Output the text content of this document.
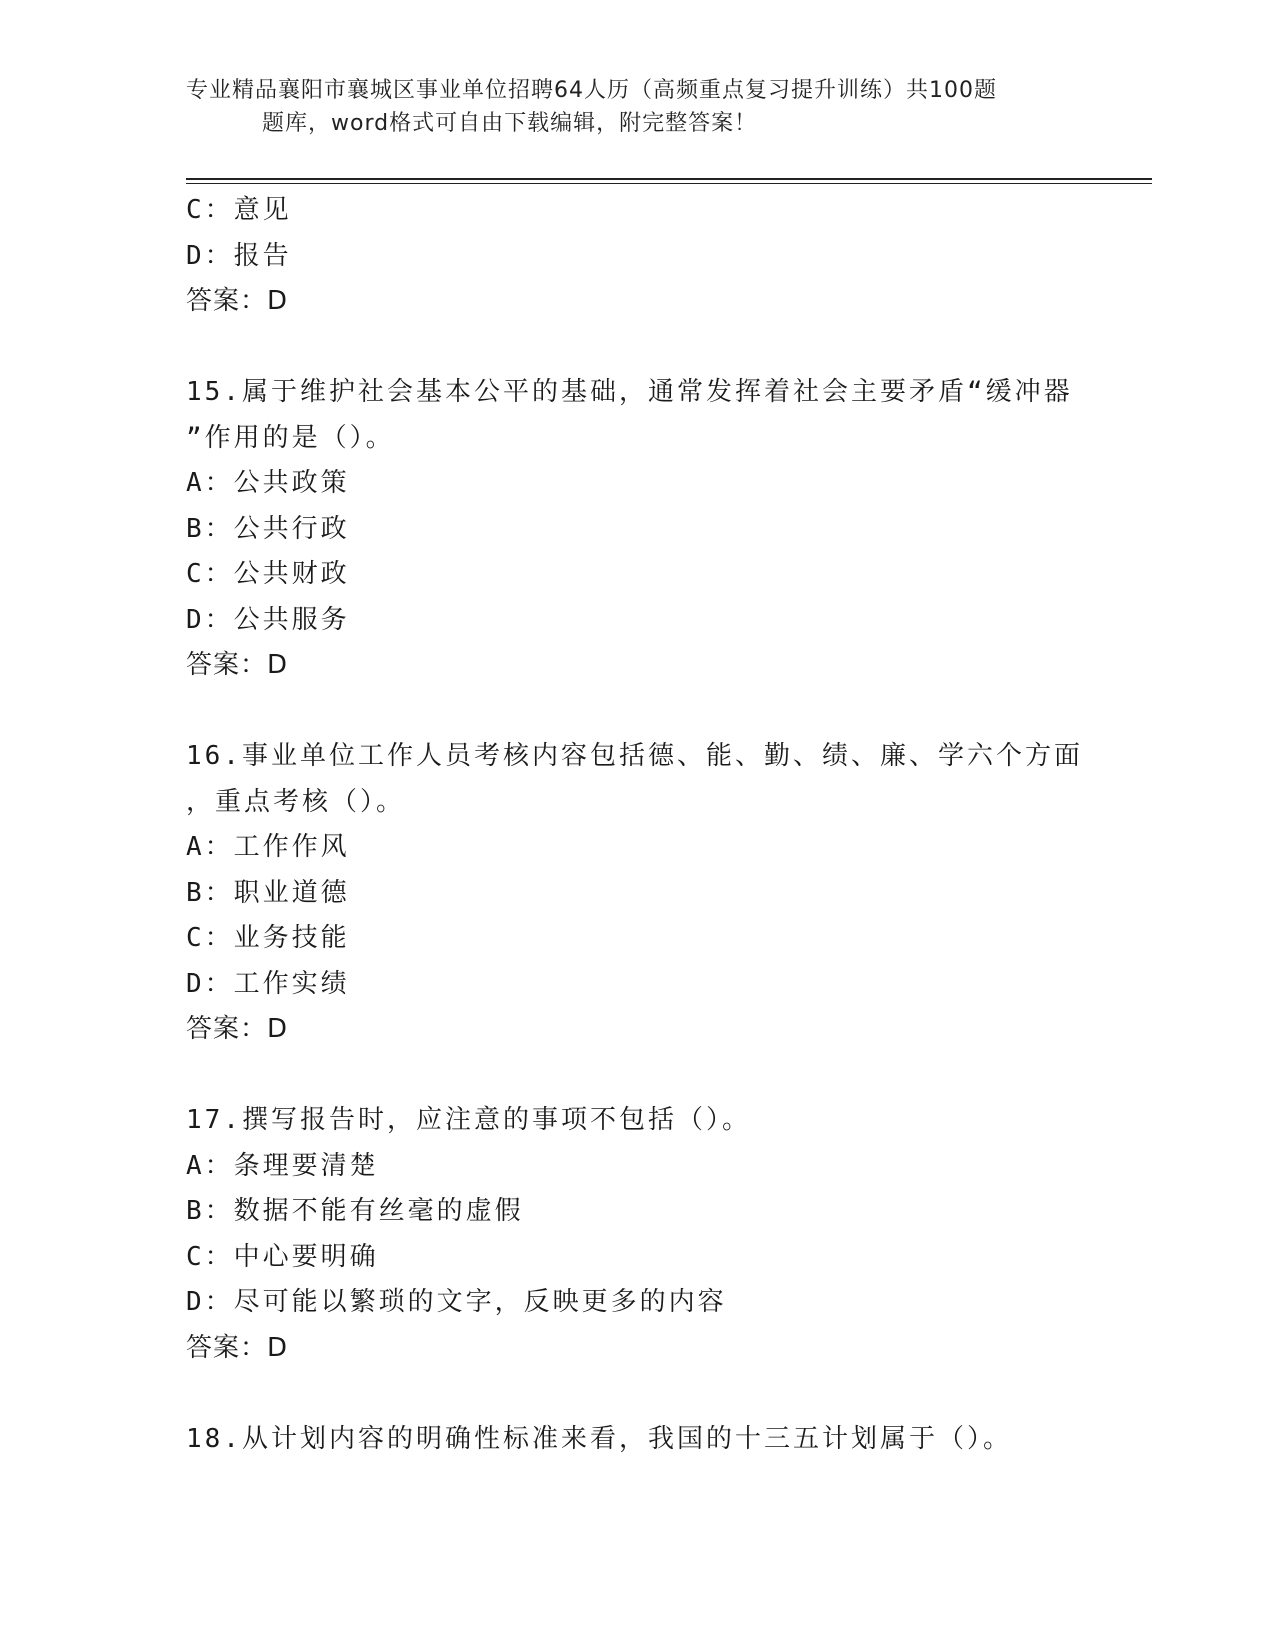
专业精品襄阳市襄城区事业单位招聘64人历（高频重点复习提升训练）共100题
题库，word格式可自由下载编辑，附完整答案！
C：意见
D：报告
答案：D
15.属于维护社会基本公平的基础，通常发挥着社会主要矛盾“缓冲器
”作用的是（）。
A：公共政策
B：公共行政
C：公共财政
D：公共服务
答案：D
16.事业单位工作人员考核内容包括德、能、勤、绩、廉、学六个方面
，重点考核（）。
A：工作作风
B：职业道德
C：业务技能
D：工作实绩
答案：D
17.撰写报告时，应注意的事项不包括（）。
A：条理要清楚
B：数据不能有丝毫的虚假
C：中心要明确
D：尽可能以繁琐的文字，反映更多的内容
答案：D
18.从计划内容的明确性标准来看，我国的十三五计划属于（）。
